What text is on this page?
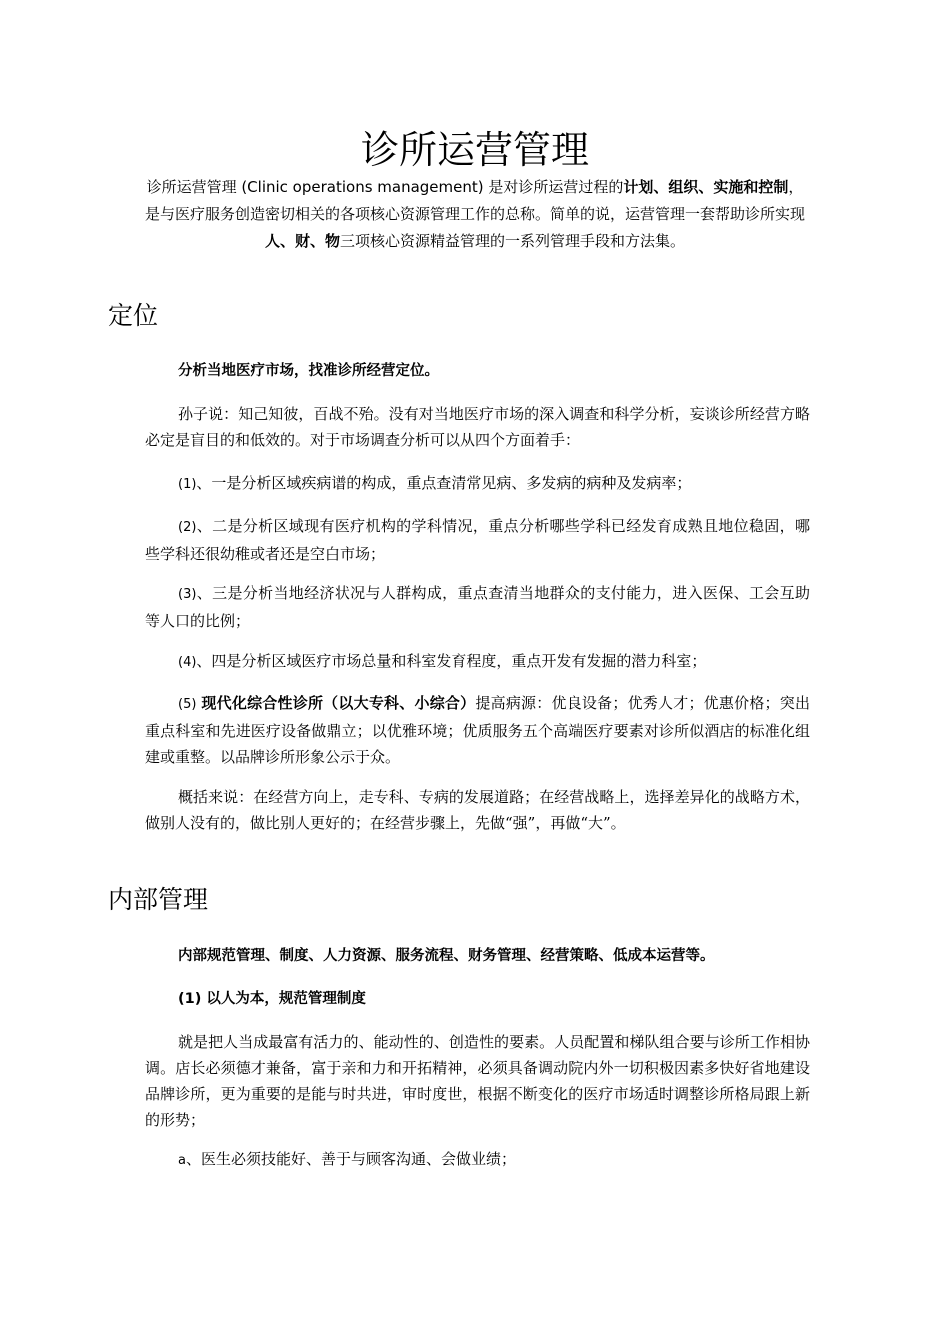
诊所运营管理
诊所运营管理 (Clinic operations management) 是对诊所运营过程的计划、组织、实施和控制，是与医疗服务创造密切相关的各项核心资源管理工作的总称。简单的说，运营管理一套帮助诊所实现人、财、物三项核心资源精益管理的一系列管理手段和方法集。
定位

分析当地医疗市场，找准诊所经营定位。

孙子说：知己知彼，百战不殆。没有对当地医疗市场的深入调查和科学分析，妄谈诊所经营方略必定是盲目的和低效的。对于市场调查分析可以从四个方面着手：

(1)、一是分析区域疾病谱的构成，重点查清常见病、多发病的病种及发病率；

(2)、二是分析区域现有医疗机构的学科情况，重点分析哪些学科已经发育成熟且地位稳固，哪些学科还很幼稚或者还是空白市场；

(3)、三是分析当地经济状况与人群构成，重点查清当地群众的支付能力，进入医保、工会互助等人口的比例；

(4)、四是分析区域医疗市场总量和科室发育程度，重点开发有发掘的潜力科室；

(5) 现代化综合性诊所（以大专科、小综合）提高病源：优良设备；优秀人才；优惠价格；突出重点科室和先进医疗设备做鼎立；以优雅环境；优质服务五个高端医疗要素对诊所似酒店的标准化组建或重整。以品牌诊所形象公示于众。

概括来说：在经营方向上，走专科、专病的发展道路；在经营战略上，选择差异化的战略方术，做别人没有的，做比别人更好的；在经营步骤上，先做“强”，再做“大”。

内部管理

内部规范管理、制度、人力资源、服务流程、财务管理、经营策略、低成本运营等。

(1) 以人为本，规范管理制度

就是把人当成最富有活力的、能动性的、创造性的要素。人员配置和梯队组合要与诊所工作相协调。店长必须德才兼备，富于亲和力和开拓精神，必须具备调动院内外一切积极因素多快好省地建设品牌诊所，更为重要的是能与时共进，审时度世，根据不断变化的医疗市场适时调整诊所格局跟上新的形势；

a、医生必须技能好、善于与顾客沟通、会做业绩；
